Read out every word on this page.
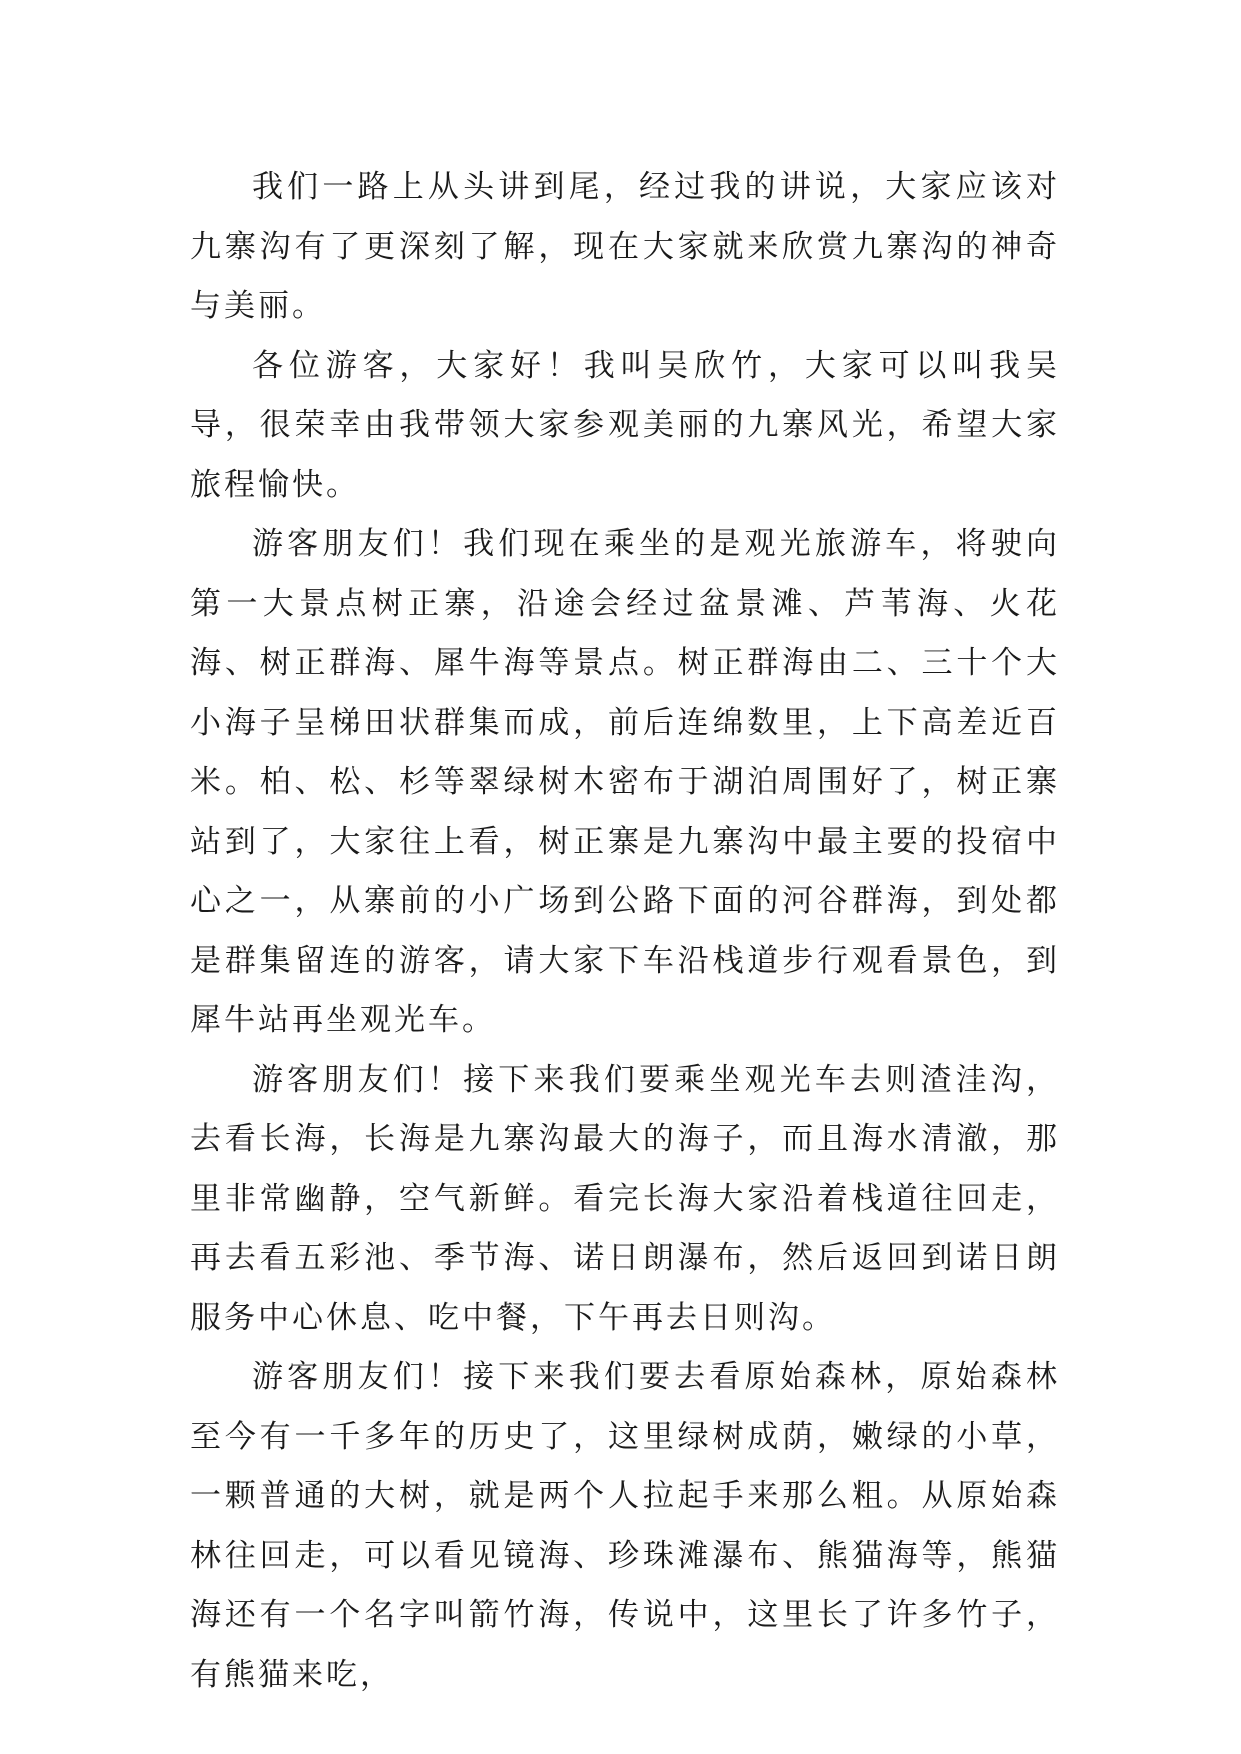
我们一路上从头讲到尾，经过我的讲说，大家应该对九寨沟有了更深刻了解，现在大家就来欣赏九寨沟的神奇与美丽。

各位游客，大家好！我叫吴欣竹，大家可以叫我吴导，很荣幸由我带领大家参观美丽的九寨风光，希望大家旅程愉快。

游客朋友们！我们现在乘坐的是观光旅游车，将驶向第一大景点树正寨，沿途会经过盆景滩、芦苇海、火花海、树正群海、犀牛海等景点。树正群海由二、三十个大小海子呈梯田状群集而成，前后连绵数里，上下高差近百米。柏、松、杉等翠绿树木密布于湖泊周围好了，树正寨站到了，大家往上看，树正寨是九寨沟中最主要的投宿中心之一，从寨前的小广场到公路下面的河谷群海，到处都是群集留连的游客，请大家下车沿栈道步行观看景色，到犀牛站再坐观光车。

游客朋友们！接下来我们要乘坐观光车去则渣洼沟，去看长海，长海是九寨沟最大的海子，而且海水清澈，那里非常幽静，空气新鲜。看完长海大家沿着栈道往回走，再去看五彩池、季节海、诺日朗瀑布，然后返回到诺日朗服务中心休息、吃中餐，下午再去日则沟。

游客朋友们！接下来我们要去看原始森林，原始森林至今有一千多年的历史了，这里绿树成荫，嫩绿的小草，一颗普通的大树，就是两个人拉起手来那么粗。从原始森林往回走，可以看见镜海、珍珠滩瀑布、熊猫海等，熊猫海还有一个名字叫箭竹海，传说中，这里长了许多竹子，有熊猫来吃，
